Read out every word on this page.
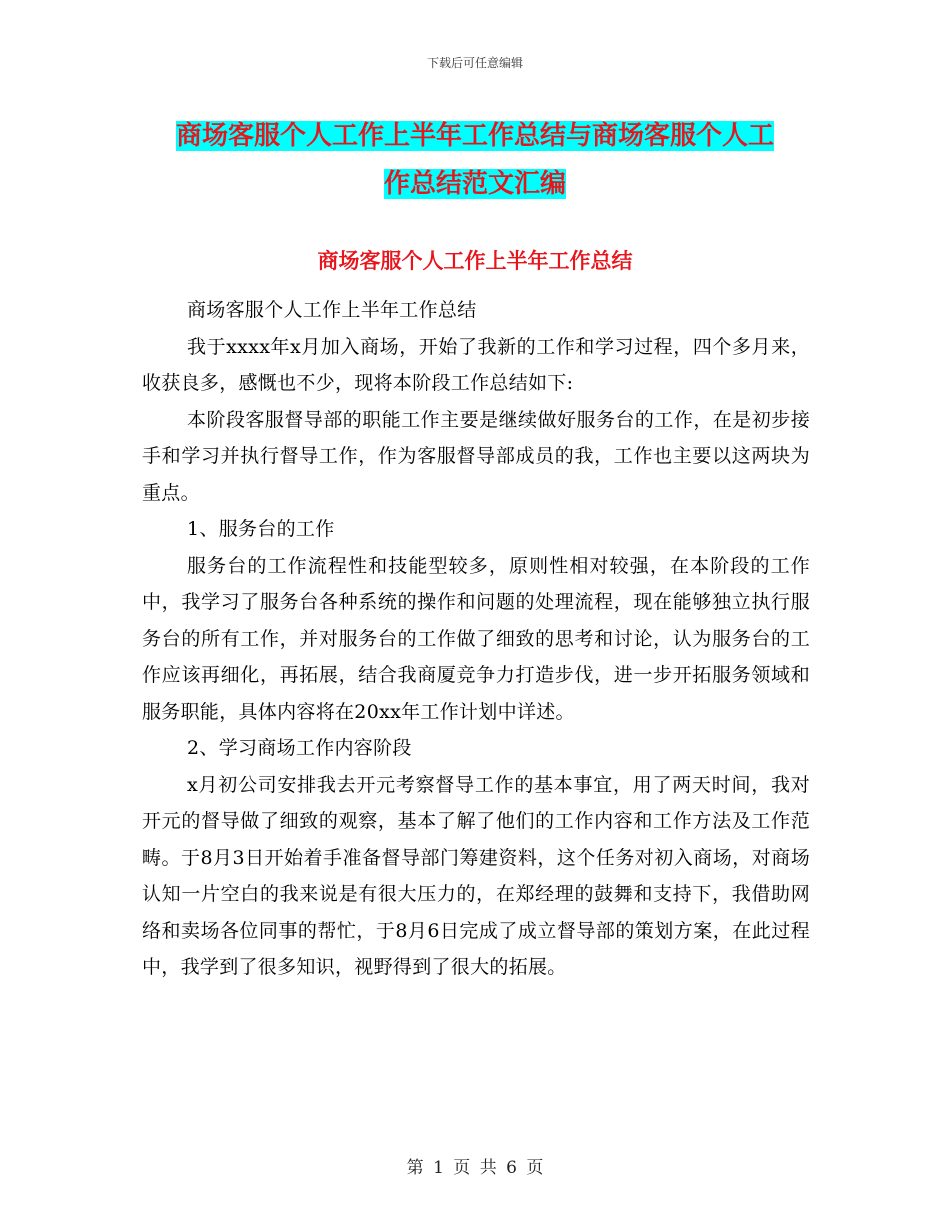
下载后可任意编辑
商场客服个人工作上半年工作总结与商场客服个人工
作总结范文汇编
商场客服个人工作上半年工作总结

商场客服个人工作上半年工作总结

我于xxxx年x月加入商场，开始了我新的工作和学习过程，四个多月来，收获良多，感慨也不少，现将本阶段工作总结如下:

本阶段客服督导部的职能工作主要是继续做好服务台的工作，在是初步接手和学习并执行督导工作，作为客服督导部成员的我，工作也主要以这两块为重点。

1、服务台的工作

服务台的工作流程性和技能型较多，原则性相对较强，在本阶段的工作中，我学习了服务台各种系统的操作和问题的处理流程，现在能够独立执行服务台的所有工作，并对服务台的工作做了细致的思考和讨论，认为服务台的工作应该再细化，再拓展，结合我商厦竞争力打造步伐，进一步开拓服务领域和服务职能，具体内容将在20xx年工作计划中详述。

2、学习商场工作内容阶段

x月初公司安排我去开元考察督导工作的基本事宜，用了两天时间，我对开元的督导做了细致的观察，基本了解了他们的工作内容和工作方法及工作范畴。于8月3日开始着手准备督导部门筹建资料，这个任务对初入商场，对商场认知一片空白的我来说是有很大压力的，在郑经理的鼓舞和支持下，我借助网络和卖场各位同事的帮忙，于8月6日完成了成立督导部的策划方案，在此过程中，我学到了很多知识，视野得到了很大的拓展。

第 1 页 共 6 页
